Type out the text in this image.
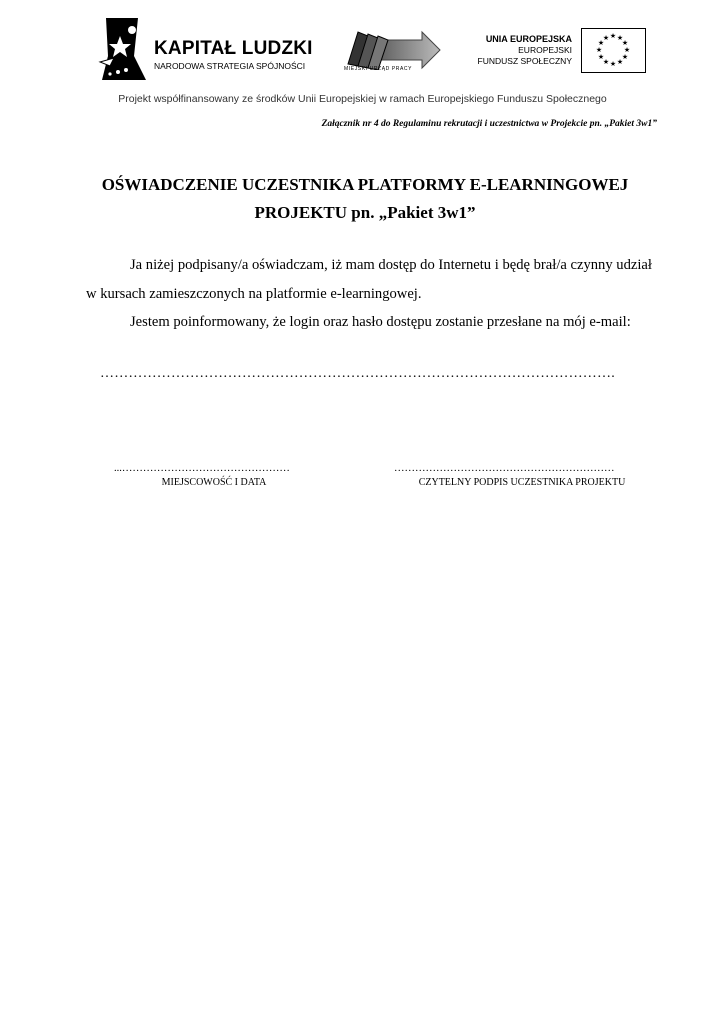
KAPITAŁ LUDZKI
NARODOWA STRATEGIA SPÓJNOŚCI	MIEJSKI URZĄD PRACY
UNIA EUROPEJSKA
EUROPEJSKI
FUNDUSZ SPOŁECZNY
★ ★
★
★
★
★
★
★
★
★
★
★
Projekt współfinansowany ze środków Unii Europejskiej w ramach Europejskiego Funduszu Społecznego
Załącznik nr 4 do Regulaminu rekrutacji i uczestnictwa w Projekcie pn. „Pakiet 3w1”
OŚWIADCZENIE UCZESTNIKA PLATFORMY E-LEARNINGOWEJ
PROJEKTU pn. „Pakiet 3w1”
Ja niżej podpisany/a oświadczam, iż mam dostęp do Internetu i będę brał/a czynny udział w kursach zamieszczonych na platformie e-learningowej.
Jestem poinformowany, że login oraz hasło dostępu zostanie przesłane na mój e-mail:
……………………………………………………………………………………………….
...…………………………………………
MIEJSCOWOŚĆ I DATA
………………………………………………………
CZYTELNY PODPIS UCZESTNIKA PROJEKTU
